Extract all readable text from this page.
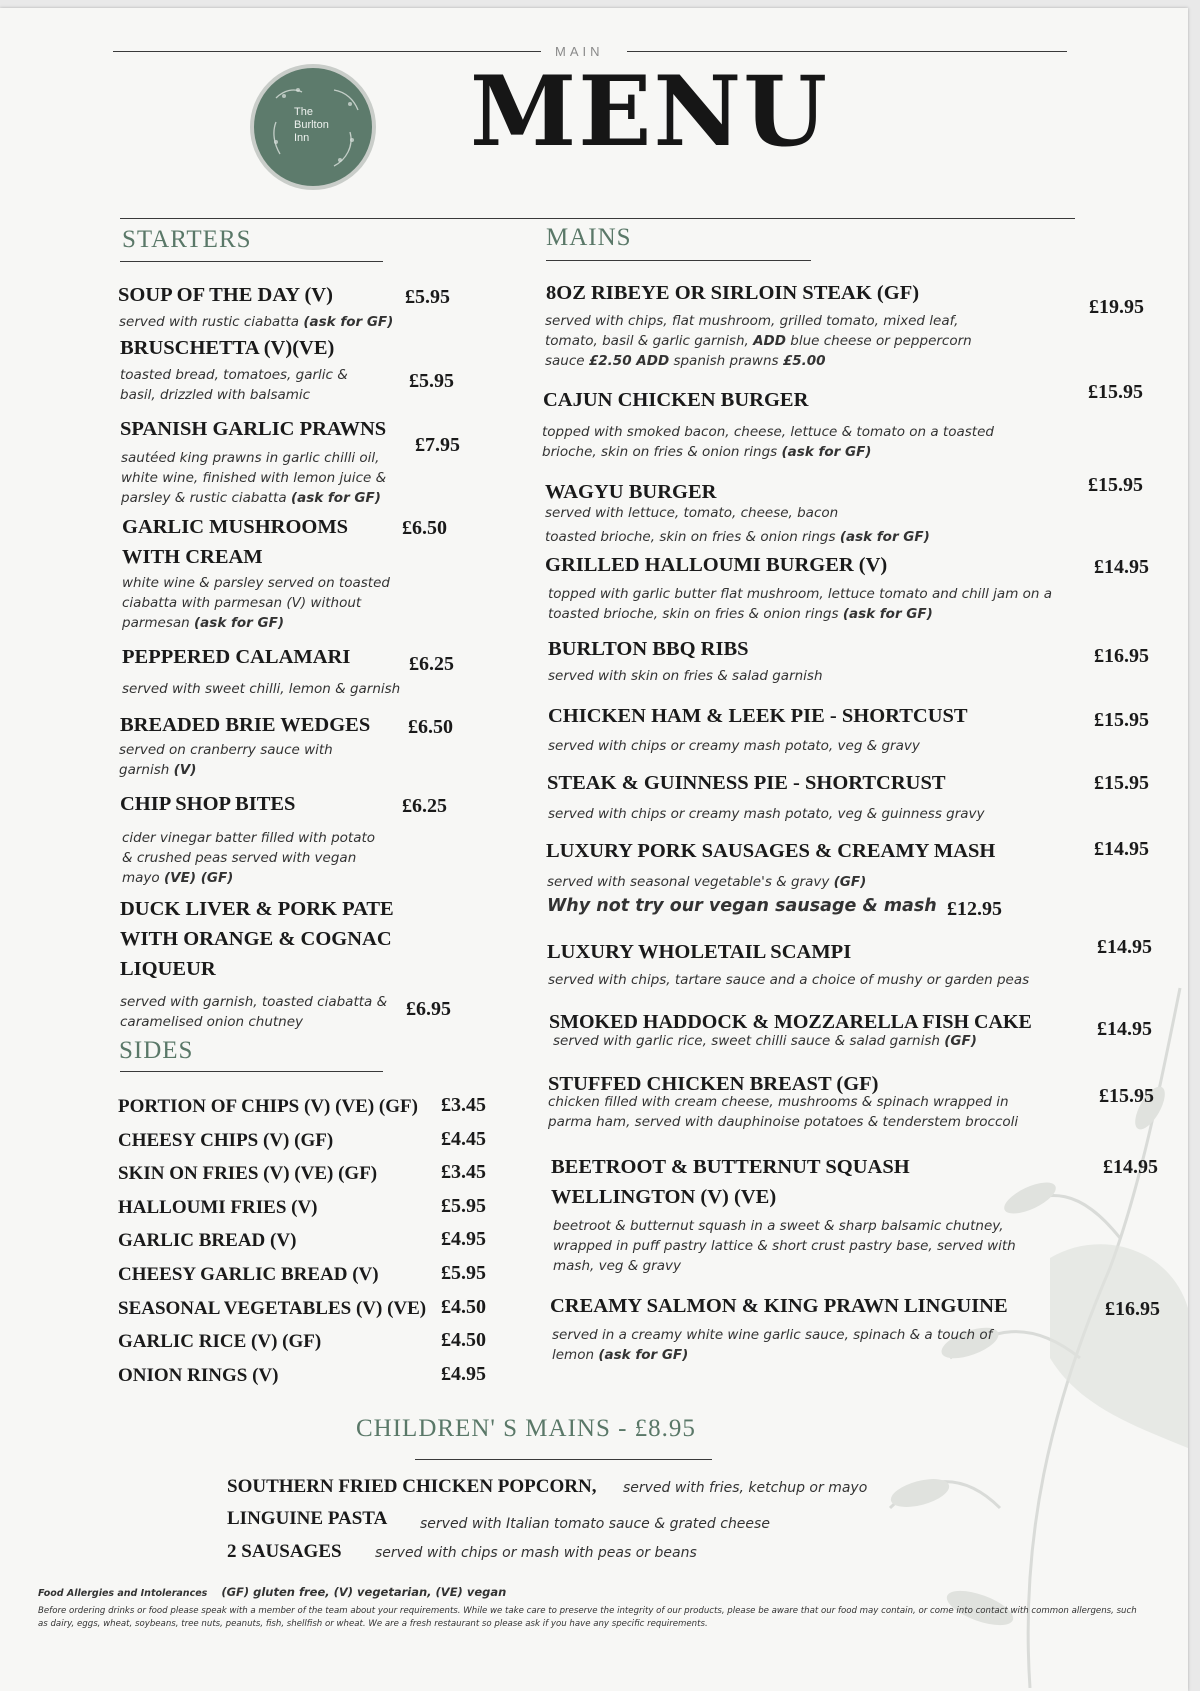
MAIN
The
Burlton
Inn MENU
STARTERS
SOUP OF THE DAY (V)	£5.95
served with rustic ciabatta (ask for GF)
BRUSCHETTA (V)(VE)
£5.95
toasted bread, tomatoes, garlic & basil, drizzled with balsamic
SPANISH GARLIC PRAWNS
£7.95
sautéed king prawns in garlic chilli oil, white wine, finished with lemon juice & parsley & rustic ciabatta (ask for GF)
GARLIC MUSHROOMS
WITH CREAM
£6.50
white wine & parsley served on toasted ciabatta with parmesan (V) without parmesan (ask for GF)
PEPPERED CALAMARI	£6.25
served with sweet chilli, lemon & garnish
BREADED BRIE WEDGES £6.50
served on cranberry sauce with garnish (V)
CHIP SHOP BITES	£6.25
cider vinegar batter filled with potato & crushed peas served with vegan mayo (VE) (GF)
DUCK LIVER & PORK PATE
WITH ORANGE & COGNAC
LIQUEUR
£6.95
served with garnish, toasted ciabatta & caramelised onion chutney
SIDES
PORTION OF CHIPS (V) (VE) (GF) £3.45
CHEESY CHIPS (V) (GF)	£4.45
SKIN ON FRIES (V) (VE) (GF)	£3.45
HALLOUMI FRIES (V)	£5.95
GARLIC BREAD (V)	£4.95
CHEESY GARLIC BREAD (V)	£5.95
SEASONAL VEGETABLES (V) (VE) £4.50
GARLIC RICE (V) (GF)	£4.50
ONION RINGS (V)	£4.95
MAINS
8OZ RIBEYE OR SIRLOIN STEAK (GF)
£19.95
served with chips, flat mushroom, grilled tomato, mixed leaf, tomato, basil & garlic garnish, ADD blue cheese or peppercorn sauce £2.50 ADD spanish prawns £5.00
CAJUN CHICKEN BURGER	£15.95
topped with smoked bacon, cheese, lettuce & tomato on a toasted brioche, skin on fries & onion rings (ask for GF)
WAGYU BURGER	£15.95
served with lettuce, tomato, cheese, bacon
toasted brioche, skin on fries & onion rings (ask for GF)
GRILLED HALLOUMI BURGER (V)	£14.95
topped with garlic butter flat mushroom, lettuce tomato and chill jam on a toasted brioche, skin on fries & onion rings (ask for GF)
BURLTON BBQ RIBS	£16.95
served with skin on fries & salad garnish
CHICKEN HAM & LEEK PIE - SHORTCUST	£15.95
served with chips or creamy mash potato, veg & gravy
STEAK & GUINNESS PIE - SHORTCRUST	£15.95
served with chips or creamy mash potato, veg & guinness gravy
LUXURY PORK SAUSAGES & CREAMY MASH	£14.95
served with seasonal vegetable's & gravy (GF)
Why not try our vegan sausage & mash £12.95
LUXURY WHOLETAIL SCAMPI	£14.95
served with chips, tartare sauce and a choice of mushy or garden peas
SMOKED HADDOCK & MOZZARELLA FISH CAKE	£14.95
served with garlic rice, sweet chilli sauce & salad garnish (GF)
STUFFED CHICKEN BREAST (GF)
£15.95
chicken filled with cream cheese, mushrooms & spinach wrapped in parma ham, served with dauphinoise potatoes & tenderstem broccoli
BEETROOT & BUTTERNUT SQUASH
WELLINGTON (V) (VE)
£14.95
beetroot & butternut squash in a sweet & sharp balsamic chutney, wrapped in puff pastry lattice & short crust pastry base, served with mash, veg & gravy
CREAMY SALMON & KING PRAWN LINGUINE	£16.95
served in a creamy white wine garlic sauce, spinach & a touch of lemon (ask for GF)
CHILDREN' S MAINS - £8.95
SOUTHERN FRIED CHICKEN POPCORN, served with fries, ketchup or mayo
LINGUINE PASTA served with Italian tomato sauce & grated cheese
2 SAUSAGES served with chips or mash with peas or beans
Food Allergies and Intolerances (GF) gluten free, (V) vegetarian, (VE) vegan
Before ordering drinks or food please speak with a member of the team about your requirements. While we take care to preserve the integrity of our products, please be aware that our food may contain, or come into contact with common allergens, such as dairy, eggs, wheat, soybeans, tree nuts, peanuts, fish, shellfish or wheat. We are a fresh restaurant so please ask if you have any specific requirements.
